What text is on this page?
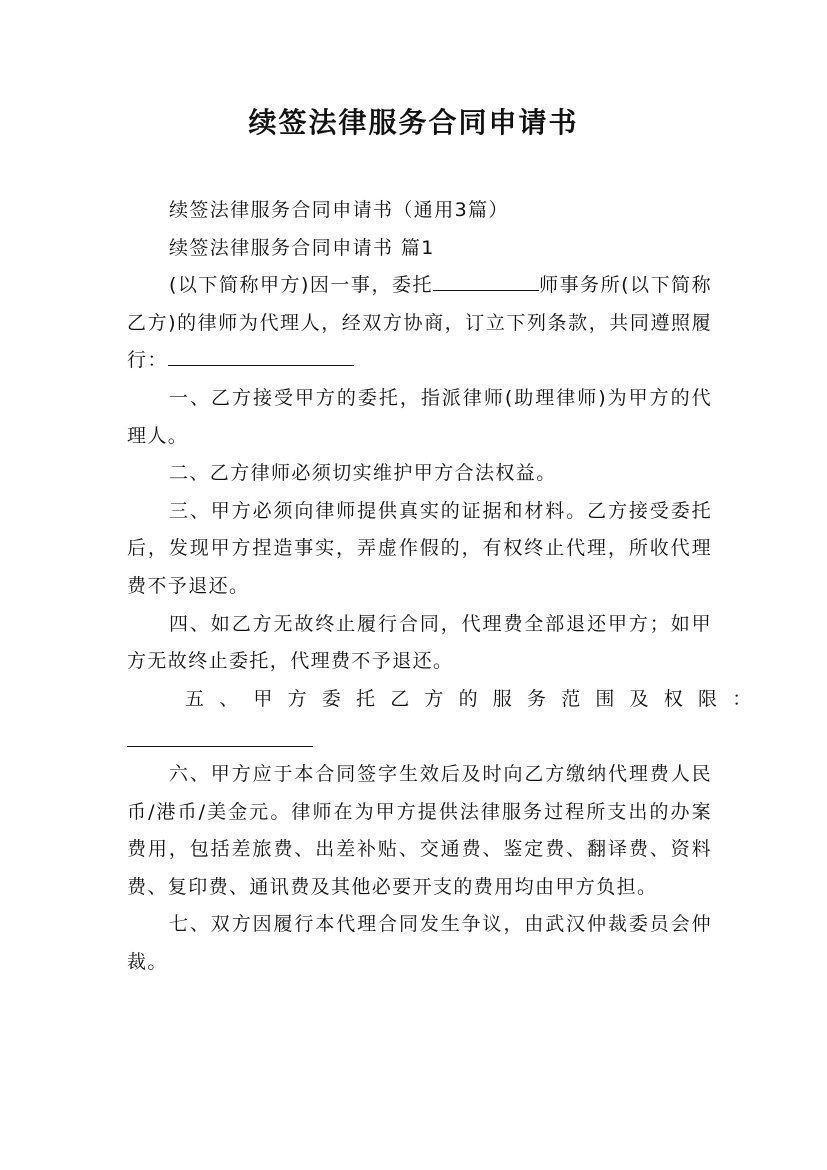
续签法律服务合同申请书

续签法律服务合同申请书（通用3篇）

续签法律服务合同申请书 篇1

(以下简称甲方)因一事，委托	师事务所(以下简称乙方)的律师为代理人，经双方协商，订立下列条款，共同遵照履行：

一、乙方接受甲方的委托，指派律师(助理律师)为甲方的代理人。

二、乙方律师必须切实维护甲方合法权益。

三、甲方必须向律师提供真实的证据和材料。乙方接受委托后，发现甲方捏造事实，弄虚作假的，有权终止代理，所收代理费不予退还。

四、如乙方无故终止履行合同，代理费全部退还甲方；如甲方无故终止委托，代理费不予退还。

五、甲方委托乙方的服务范围及权限：

六、甲方应于本合同签字生效后及时向乙方缴纳代理费人民币/港币/美金元。律师在为甲方提供法律服务过程所支出的办案费用，包括差旅费、出差补贴、交通费、鉴定费、翻译费、资料费、复印费、通讯费及其他必要开支的费用均由甲方负担。

七、双方因履行本代理合同发生争议，由武汉仲裁委员会仲裁。
